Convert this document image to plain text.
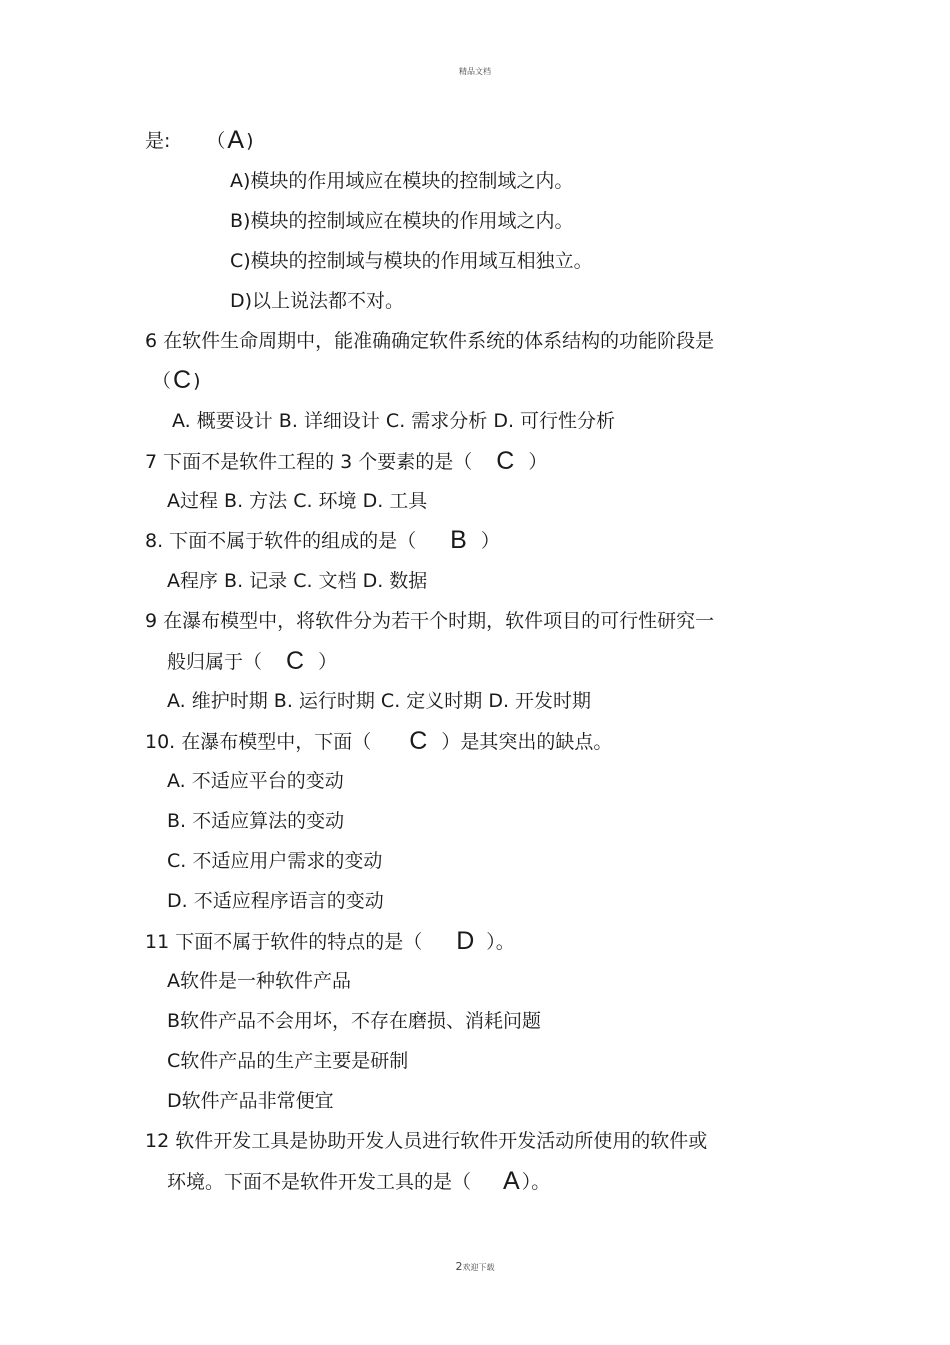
精品文档
是: （A )
A)模块的作用域应在模块的控制域之内。
B)模块的控制域应在模块的作用域之内。
C)模块的控制域与模块的作用域互相独立。
D)以上说法都不对。
6 在软件生命周期中，能准确确定软件系统的体系结构的功能阶段是
（C )
A. 概要设计 B. 详细设计 C. 需求分析 D. 可行性分析
7 下面不是软件工程的 3 个要素的是（ C ）
A过程 B. 方法 C. 环境 D. 工具
8. 下面不属于软件的组成的是（ B ）
A程序 B. 记录 C. 文档 D. 数据
9 在瀑布模型中，将软件分为若干个时期，软件项目的可行性研究一
般归属于（ C ）
A. 维护时期 B. 运行时期 C. 定义时期 D. 开发时期
10. 在瀑布模型中，下面（ C ）是其突出的缺点。
A. 不适应平台的变动
B. 不适应算法的变动
C. 不适应用户需求的变动
D. 不适应程序语言的变动
11 下面不属于软件的特点的是（ D ）。
A软件是一种软件产品
B软件产品不会用坏，不存在磨损、消耗问题
C软件产品的生产主要是研制
D软件产品非常便宜
12 软件开发工具是协助开发人员进行软件开发活动所使用的软件或
环境。下面不是软件开发工具的是（ A ）。
2欢迎下载
